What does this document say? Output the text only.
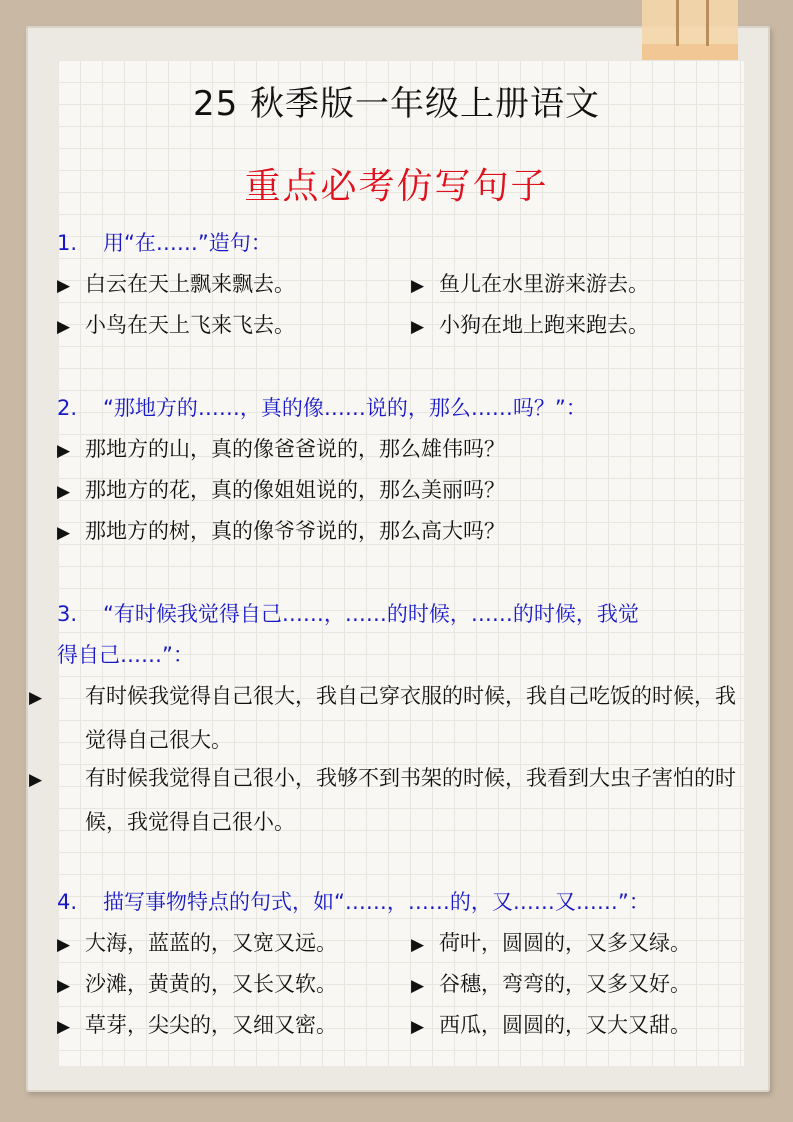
25 秋季版一年级上册语文
重点必考仿写句子
1. 用“在……”造句：
▶ 白云在天上飘来飘去。	▶ 鱼儿在水里游来游去。
▶ 小鸟在天上飞来飞去。	▶ 小狗在地上跑来跑去。
2. “那地方的……，真的像……说的，那么……吗？”：
▶ 那地方的山，真的像爸爸说的，那么雄伟吗？
▶ 那地方的花，真的像姐姐说的，那么美丽吗？
▶ 那地方的树，真的像爷爷说的，那么高大吗？
3. “有时候我觉得自己……，……的时候，……的时候，我觉
得自己……”：
▶ 有时候我觉得自己很大，我自己穿衣服的时候，我自己吃饭的时候，我觉得自己很大。
▶ 有时候我觉得自己很小，我够不到书架的时候，我看到大虫子害怕的时候，我觉得自己很小。
4. 描写事物特点的句式，如“……，……的，又……又……”：
▶ 大海，蓝蓝的，又宽又远。	▶ 荷叶，圆圆的，又多又绿。
▶ 沙滩，黄黄的，又长又软。	▶ 谷穗，弯弯的，又多又好。
▶ 草芽，尖尖的，又细又密。	▶ 西瓜，圆圆的，又大又甜。
